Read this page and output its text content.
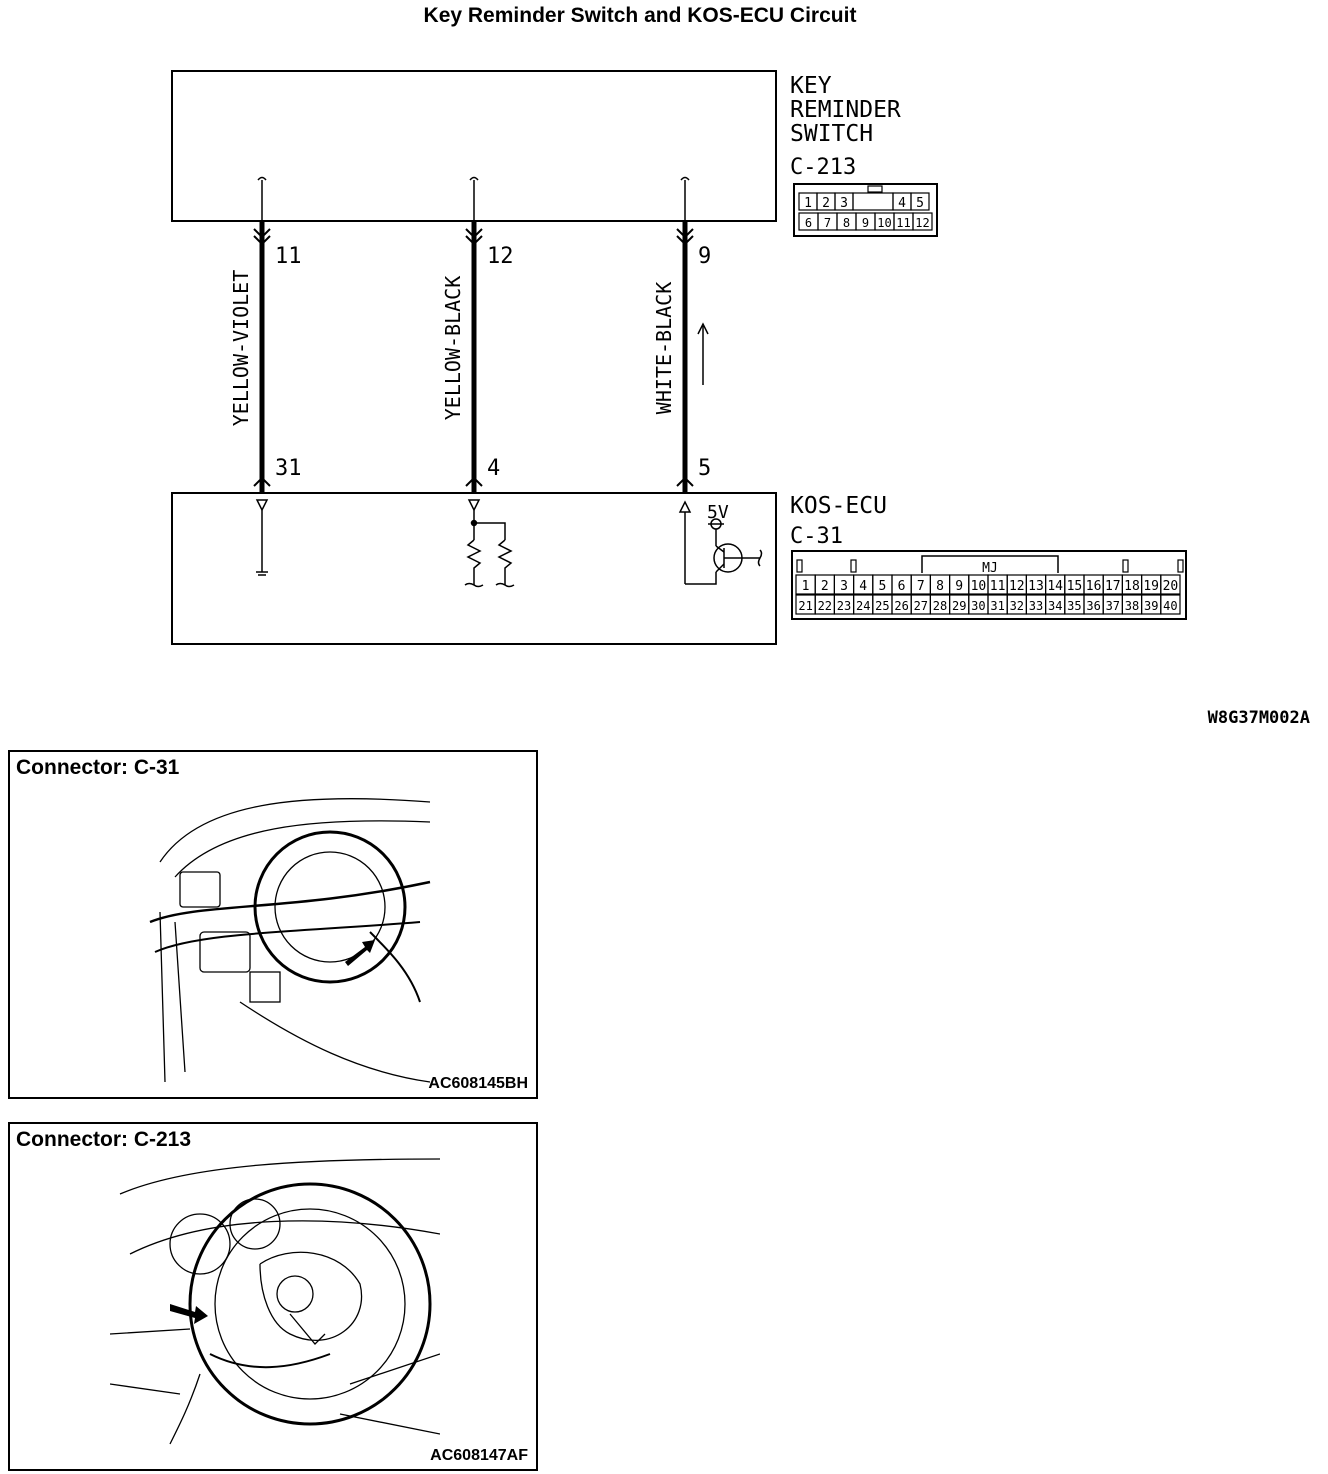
Key Reminder Switch and KOS-ECU Circuit
5V
KEY
REMINDER
SWITCH
C-213
KOS-ECU
C-31
1 2 3	4 5
6 7 8 9 10 11 12
MJ
1 2 3 4 5 6 7 8 9 10 11 12 13 14 15 16 17 18 19 20
21 22 23 24 25 26 27 28 29 30 31 32 33 34 35 36 37 38 39 40
11
31
YELLOW-VIOLET
12
4
YELLOW-BLACK
9
5
WHITE-BLACK
W8G37M002A
Connector: C-31
AC608145BH
Connector: C-213
AC608147AF
